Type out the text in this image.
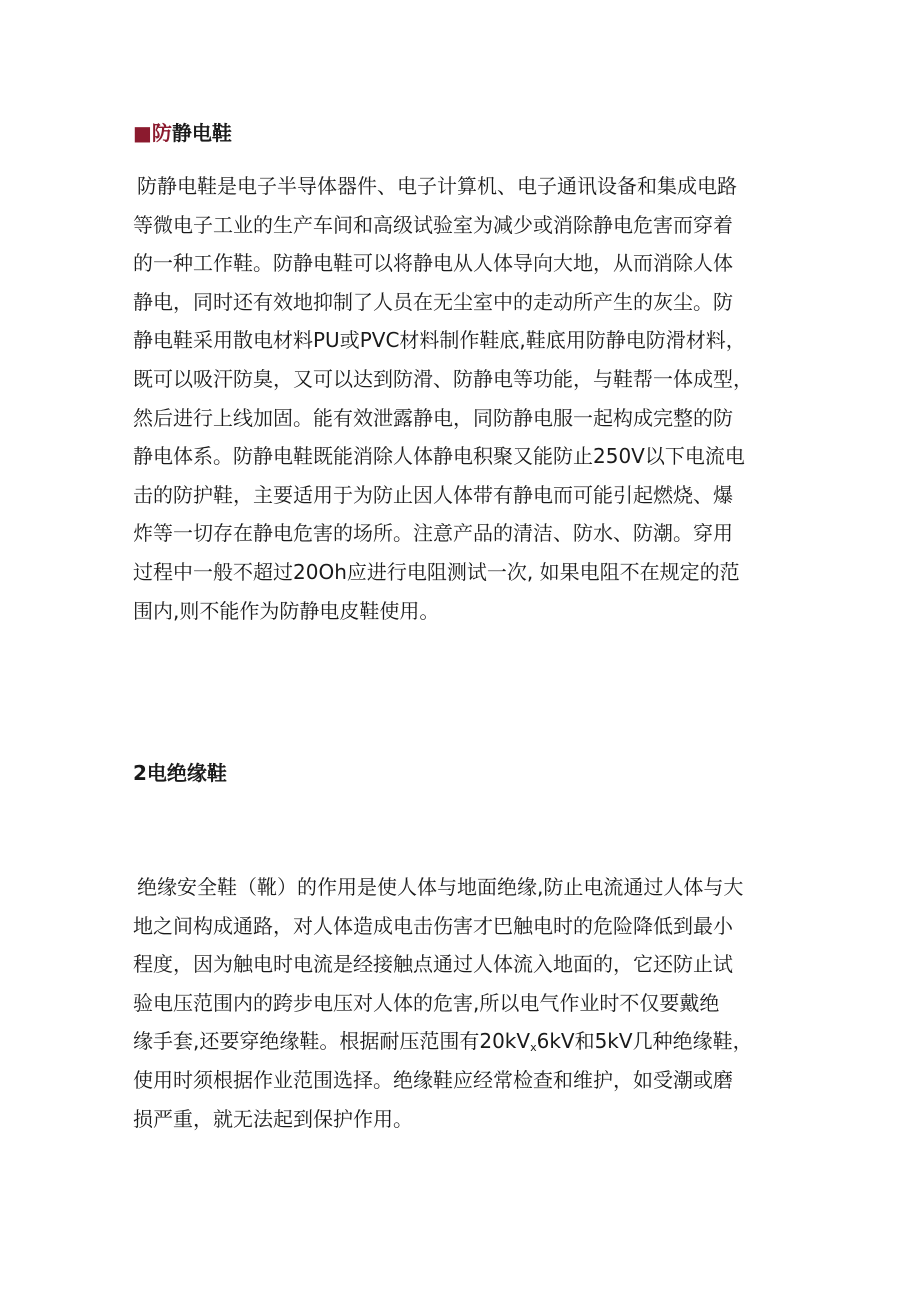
■防静电鞋
防静电鞋是电子半导体器件、电子计算机、电子通讯设备和集成电路
等微电子工业的生产车间和高级试验室为减少或消除静电危害而穿着
的一种工作鞋。防静电鞋可以将静电从人体导向大地，从而消除人体
静电，同时还有效地抑制了人员在无尘室中的走动所产生的灰尘。防
静电鞋采用散电材料PU或PVC材料制作鞋底,鞋底用防静电防滑材料，
既可以吸汗防臭，又可以达到防滑、防静电等功能，与鞋帮一体成型，
然后进行上线加固。能有效泄露静电，同防静电服一起构成完整的防
静电体系。防静电鞋既能消除人体静电积聚又能防止250V以下电流电
击的防护鞋，主要适用于为防止因人体带有静电而可能引起燃烧、爆
炸等一切存在静电危害的场所。注意产品的清洁、防水、防潮。穿用
过程中一般不超过20Oh应进行电阻测试一次, 如果电阻不在规定的范
围内,则不能作为防静电皮鞋使用。
2电绝缘鞋
绝缘安全鞋（靴）的作用是使人体与地面绝缘,防止电流通过人体与大
地之间构成通路，对人体造成电击伤害才巴触电时的危险降低到最小
程度，因为触电时电流是经接触点通过人体流入地面的，它还防止试
验电压范围内的跨步电压对人体的危害,所以电气作业时不仅要戴绝
缘手套,还要穿绝缘鞋。根据耐压范围有$20kV_x6kV$和5kV几种绝缘鞋，
使用时须根据作业范围选择。绝缘鞋应经常检查和维护，如受潮或磨
损严重，就无法起到保护作用。
